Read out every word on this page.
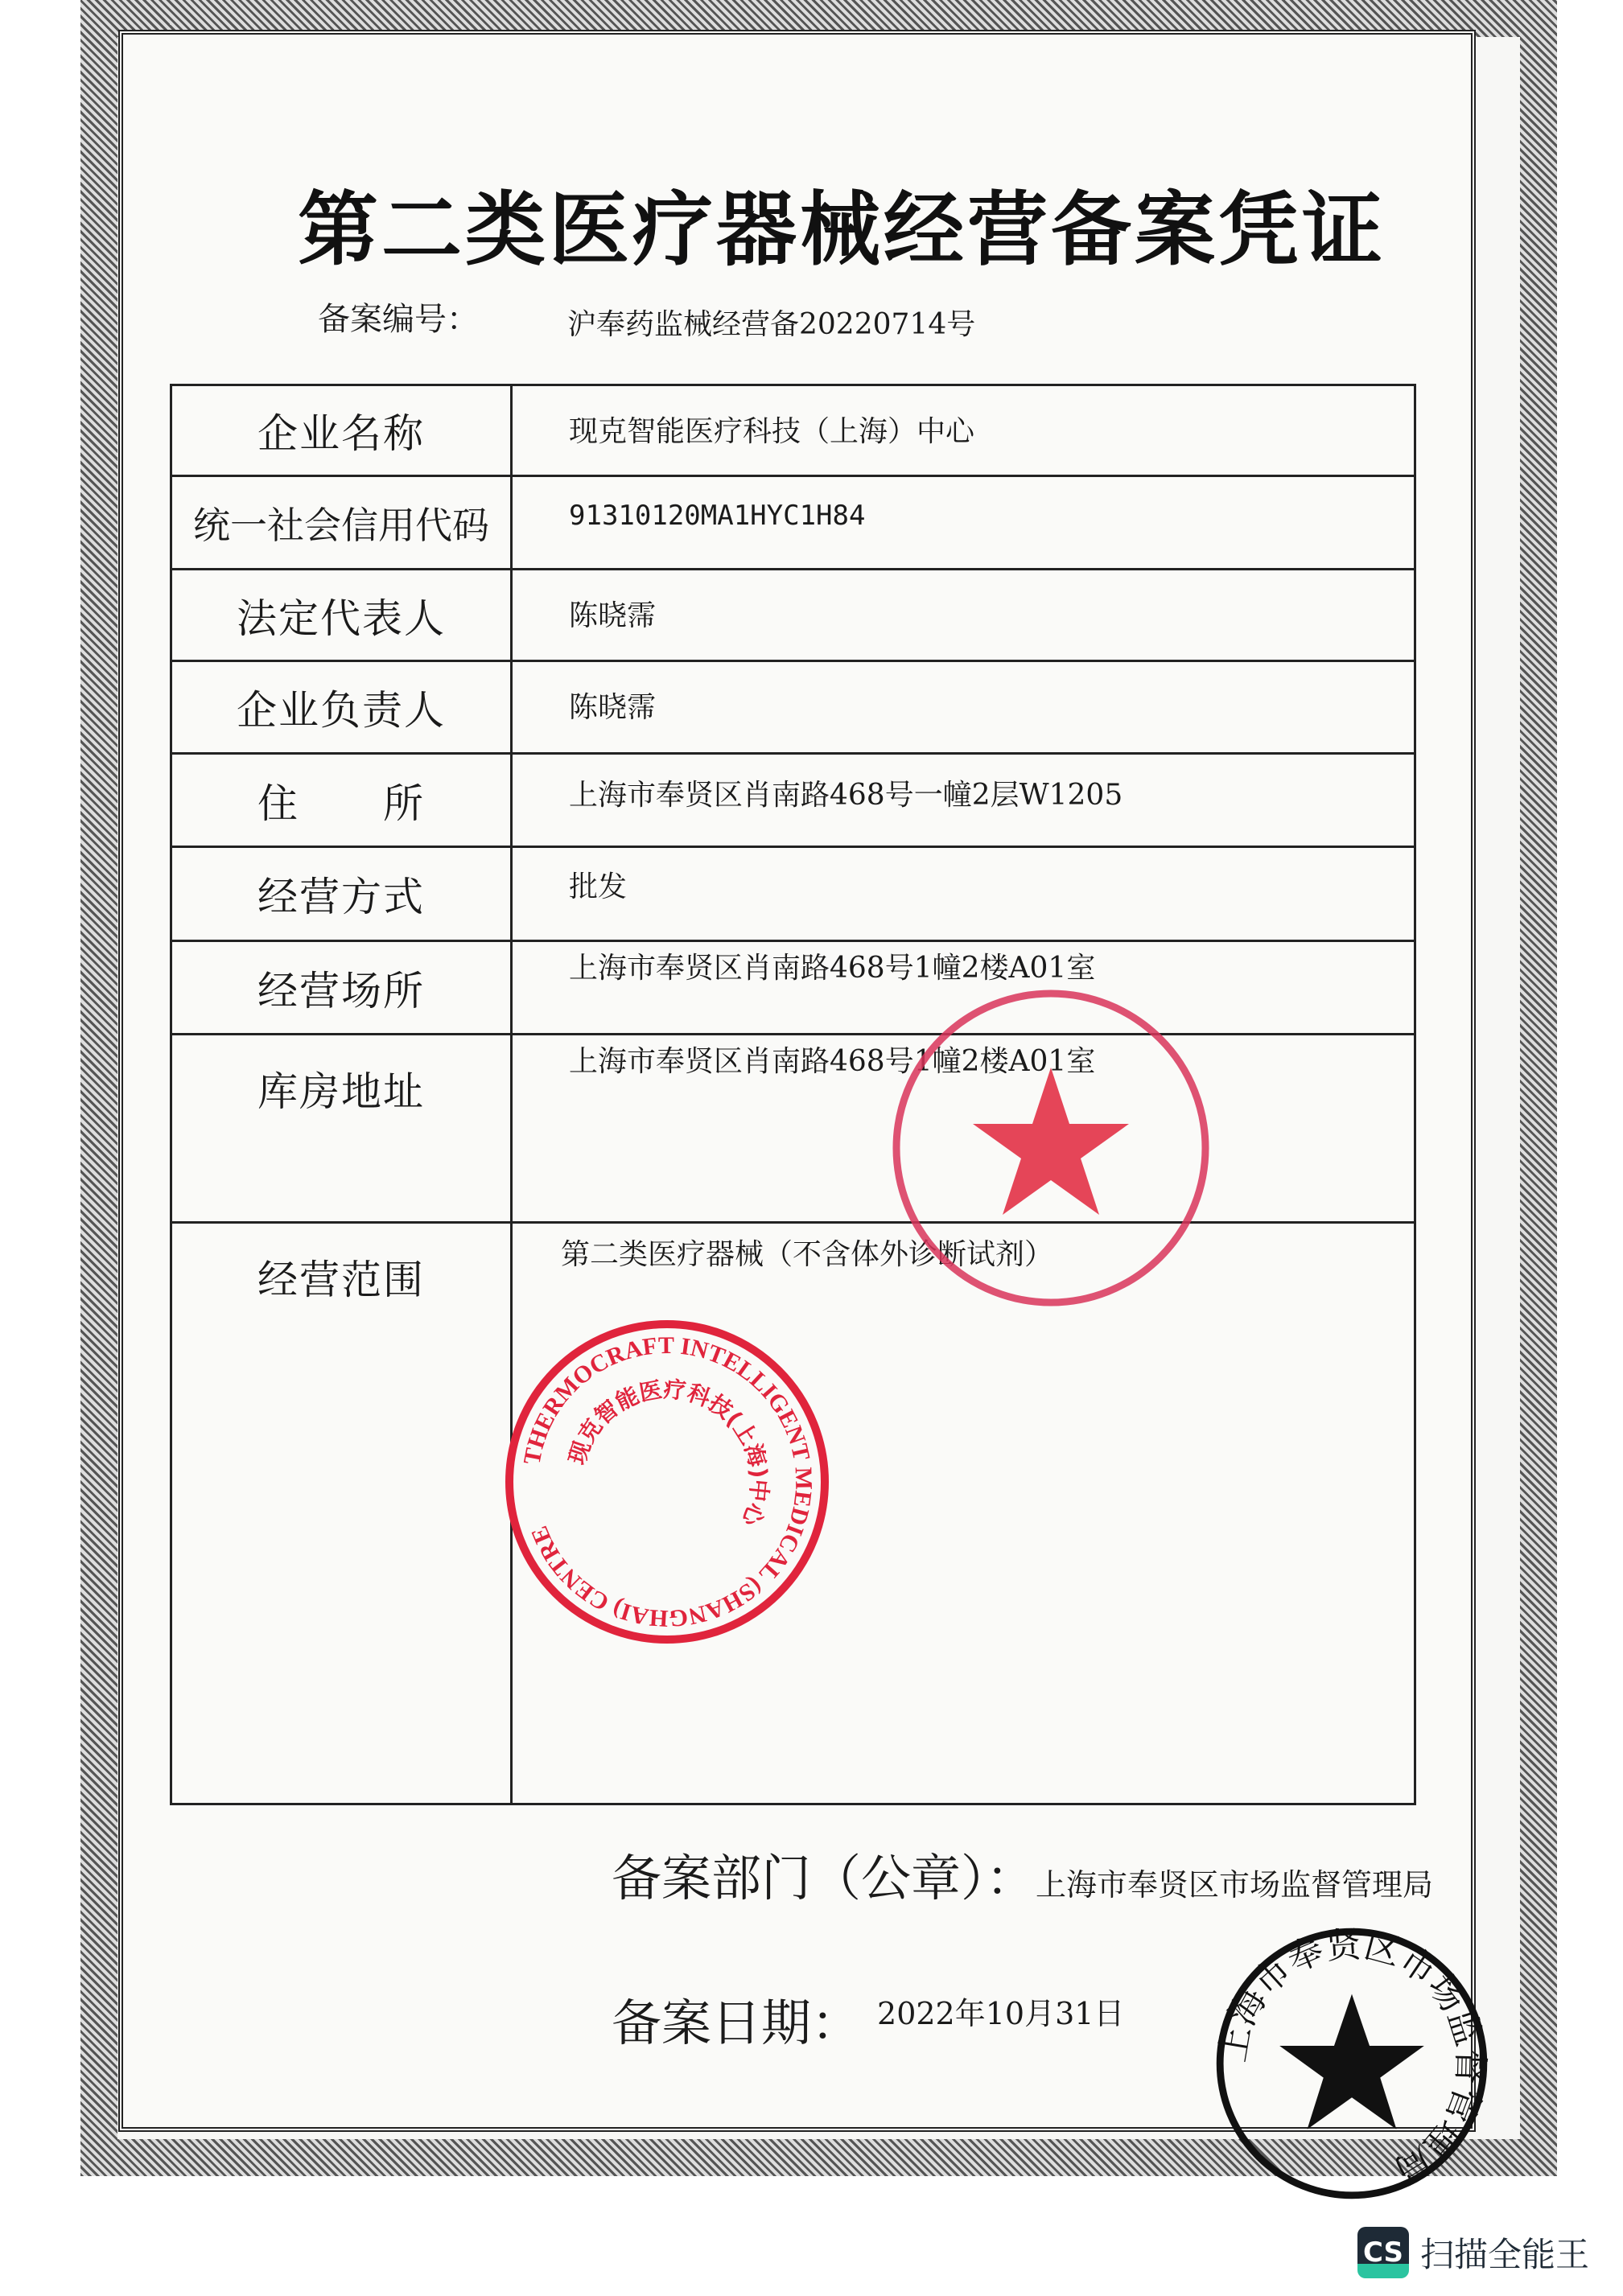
第二类医疗器械经营备案凭证
备案编号：	沪奉药监械经营备20220714号
企业名称	现克智能医疗科技（上海）中心
统一社会信用代码	91310120MA1HYC1H84
法定代表人	陈晓霈
企业负责人	陈晓霈
住　　所	上海市奉贤区肖南路468号一幢2层W1205
经营方式	批发
经营场所	上海市奉贤区肖南路468号1幢2楼A01室
库房地址	上海市奉贤区肖南路468号1幢2楼A01室
经营范围	第二类医疗器械（不含体外诊断试剂）
备案部门（公章）：上海市奉贤区市场监督管理局
备案日期： $^{2022年10月31日}$
THERMOCRAFT INTELLIGENT MEDICAL (SHANGHAI) CENTRE
现克智能医疗科技(上海)中心
上海市奉贤区市场监督管理局
CS 扫描全能王
